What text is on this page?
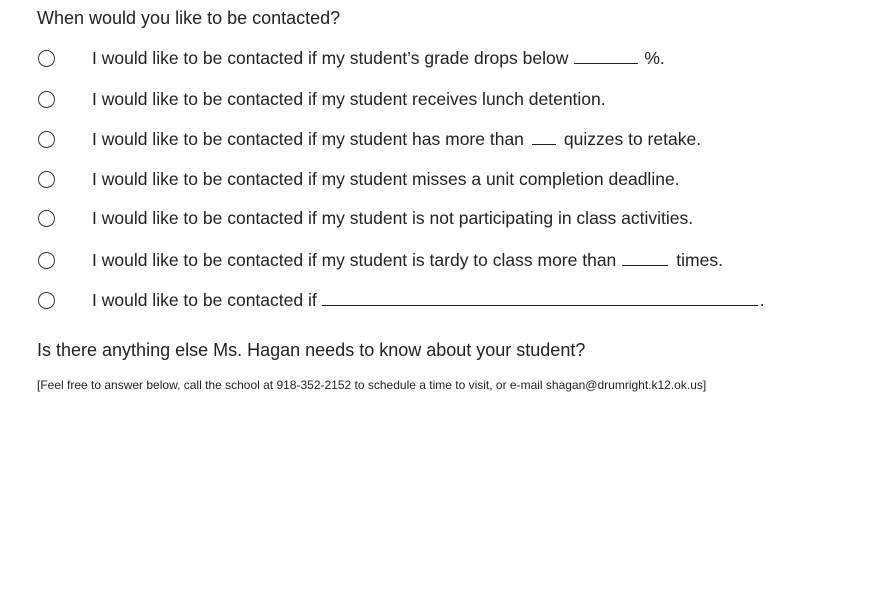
When would you like to be contacted?
I would like to be contacted if my student’s grade drops below	%.
I would like to be contacted if my student receives lunch detention.
I would like to be contacted if my student has more than quizzes to retake.
I would like to be contacted if my student misses a unit completion deadline.
I would like to be contacted if my student is not participating in class activities.
I would like to be contacted if my student is tardy to class more than	times.
I would like to be contacted if	.
Is there anything else Ms. Hagan needs to know about your student?
[Feel free to answer below, call the school at 918-352-2152 to schedule a time to visit, or e-mail shagan@drumright.k12.ok.us]
